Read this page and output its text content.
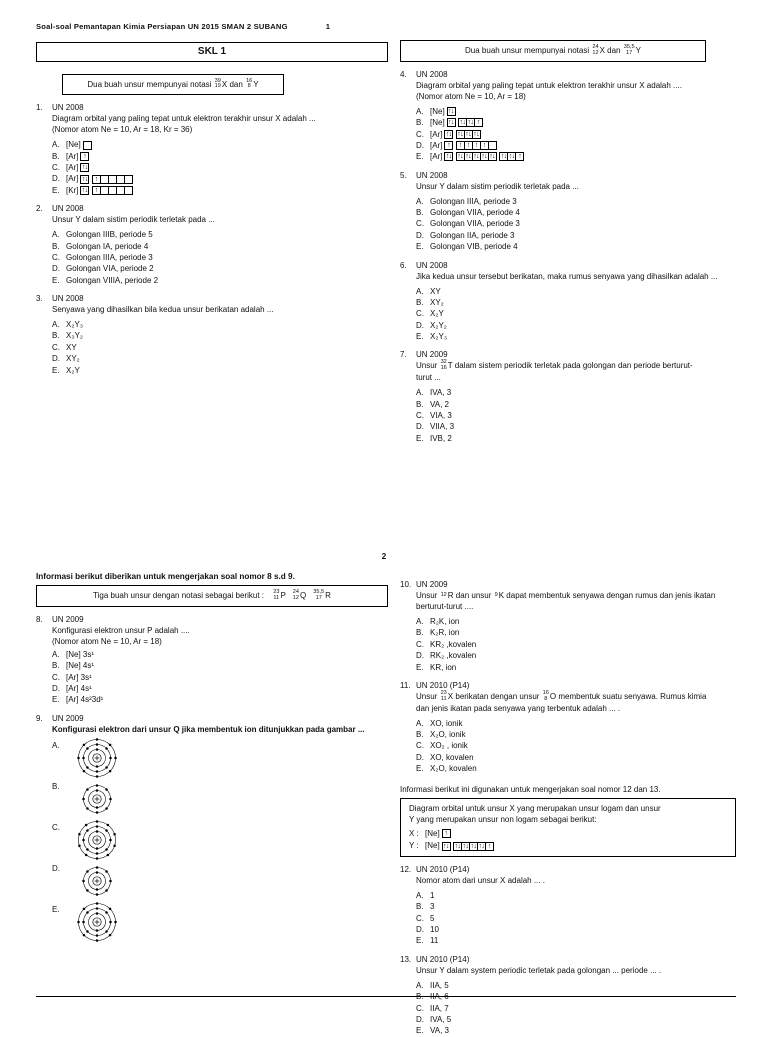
Soal-soal Pemantapan Kimia Persiapan UN 2015 SMAN 2 SUBANG	1
2
SKL 1
Dua buah unsur mempunyai notasi 39
19 X dan 16
8 Y
1.	UN 2008

Diagram orbital yang paling tepat untuk elektron terakhir unsur X adalah ...

(Nomor atom Ne = 10, Ar = 18, Kr = 36)

A. [Ne]
B. [Ar] ↑
C. [Ar] ↑ ↓
D. [Ar] ↑ ↓ ↑
E. [Kr] ↑ ↓ ↑
2.	UN 2008

Unsur Y dalam sistim periodik terletak pada ...

A. Golongan IIIB, periode 5
B. Golongan IA, periode 4
C. Golongan IIIA, periode 3
D. Golongan VIA, periode 2
E. Golongan VIIIA, periode 2
3.	UN 2008

Senyawa yang dihasilkan bila kedua unsur berikatan adalah ...

A. X₂Y₃
B. X₃Y₂
C. XY
D. XY₂
E. X₂Y
Dua buah unsur mempunyai notasi 24
12 X dan 35,5
17 Y
4.	UN 2008

Diagram orbital yang paling tepat untuk elektron terakhir unsur X adalah ....

(Nomor atom Ne = 10, Ar = 18)

A. [Ne] ↑ ↓
B. [Ne] ↑ ↓ ↑ ↓ ↑ ↓ ↑
C. [Ar] ↑ ↓ ↑ ↓ ↑ ↓ ↑ ↓
D. [Ar] ↑ ↑ ↑ ↑ ↑
E. [Ar] ↑ ↓ ↑ ↓ ↑ ↓ ↑ ↓ ↑ ↓ ↑ ↓ ↑ ↓ ↑ ↓ ↑
5.	UN 2008

Unsur Y dalam sistim periodik terletak pada ...

A. Golongan IIIA, periode 3
B. Golongan VIIA, periode 4
C. Golongan VIIA, periode 3
D. Golongan IIA, periode 3
E. Golongan VIB, periode 4
6.	UN 2008

Jika kedua unsur tersebut berikatan, maka rumus senyawa yang dihasilkan adalah ...

A. XY
B. XY₂
C. X₂Y
D. X₂Y₂
E. X₂Y₃
7.	UN 2009

Unsur 32
16 T dalam sistem periodik terletak pada golongan dan periode berturut-

turut ...

A. IVA, 3
B. VA, 2
C. VIA, 3
D. VIIA, 3
E. IVB, 2
Informasi berikut diberikan untuk mengerjakan soal nomor 8 s.d 9.
Tiga buah unsur dengan notasi sebagai berikut : 23
11 P 24
12 Q 35,5
17 R
8.	UN 2009

Konfigurasi elektron unsur P adalah ....

(Nomor atom Ne = 10, Ar = 18)

A. [Ne] 3s¹
B. [Ne] 4s¹
C. [Ar] 3s¹
D. [Ar] 4s¹
E. [Ar] 4s²3d¹
9.	UN 2009

Konfigurasi elektron dari unsur Q jika membentuk ion ditunjukkan pada gambar ...

A.
B.
C.
D.
E.
10. UN 2009

Unsur 12 R dan unsur 9 K dapat membentuk senyawa dengan rumus dan jenis ikatan

berturut-turut ....

A. R₂K, ion
B. K₂R, ion
C. KR₂ ,kovalen
D. RK₂ ,kovalen
E. KR, ion
11. UN 2010 (P14)

Unsur 23
11 X berikatan dengan unsur 16
8 O membentuk suatu senyawa. Rumus kimia

dan jenis ikatan pada senyawa yang terbentuk adalah ... .

A. XO, ionik
B. X₂O, ionik
C. XO₂ , ionik
D. XO, kovalen
E. X₂O, kovalen
Informasi berikut ini digunakan untuk mengerjakan soal nomor 12 dan 13.
Diagram orbital untuk unsur X yang merupakan unsur logam dan unsur
Y yang merupakan unsur non logam sebagai berikut:
X : [Ne] ↑
Y : [Ne] ↑ ↓ ↑ ↓ ↑ ↓ ↑ ↓ ↑ ↓ ↑
12. UN 2010 (P14)

Nomor atom dari unsur X adalah ... .

A. 1
B. 3
C. 5
D. 10
E. 11
13. UN 2010 (P14)

Unsur Y dalam system periodic terletak pada golongan ... periode ... .

A. IIA, 5
B. IIA, 6
C. IIA, 7
D. IVA, 5
E. VA, 3
